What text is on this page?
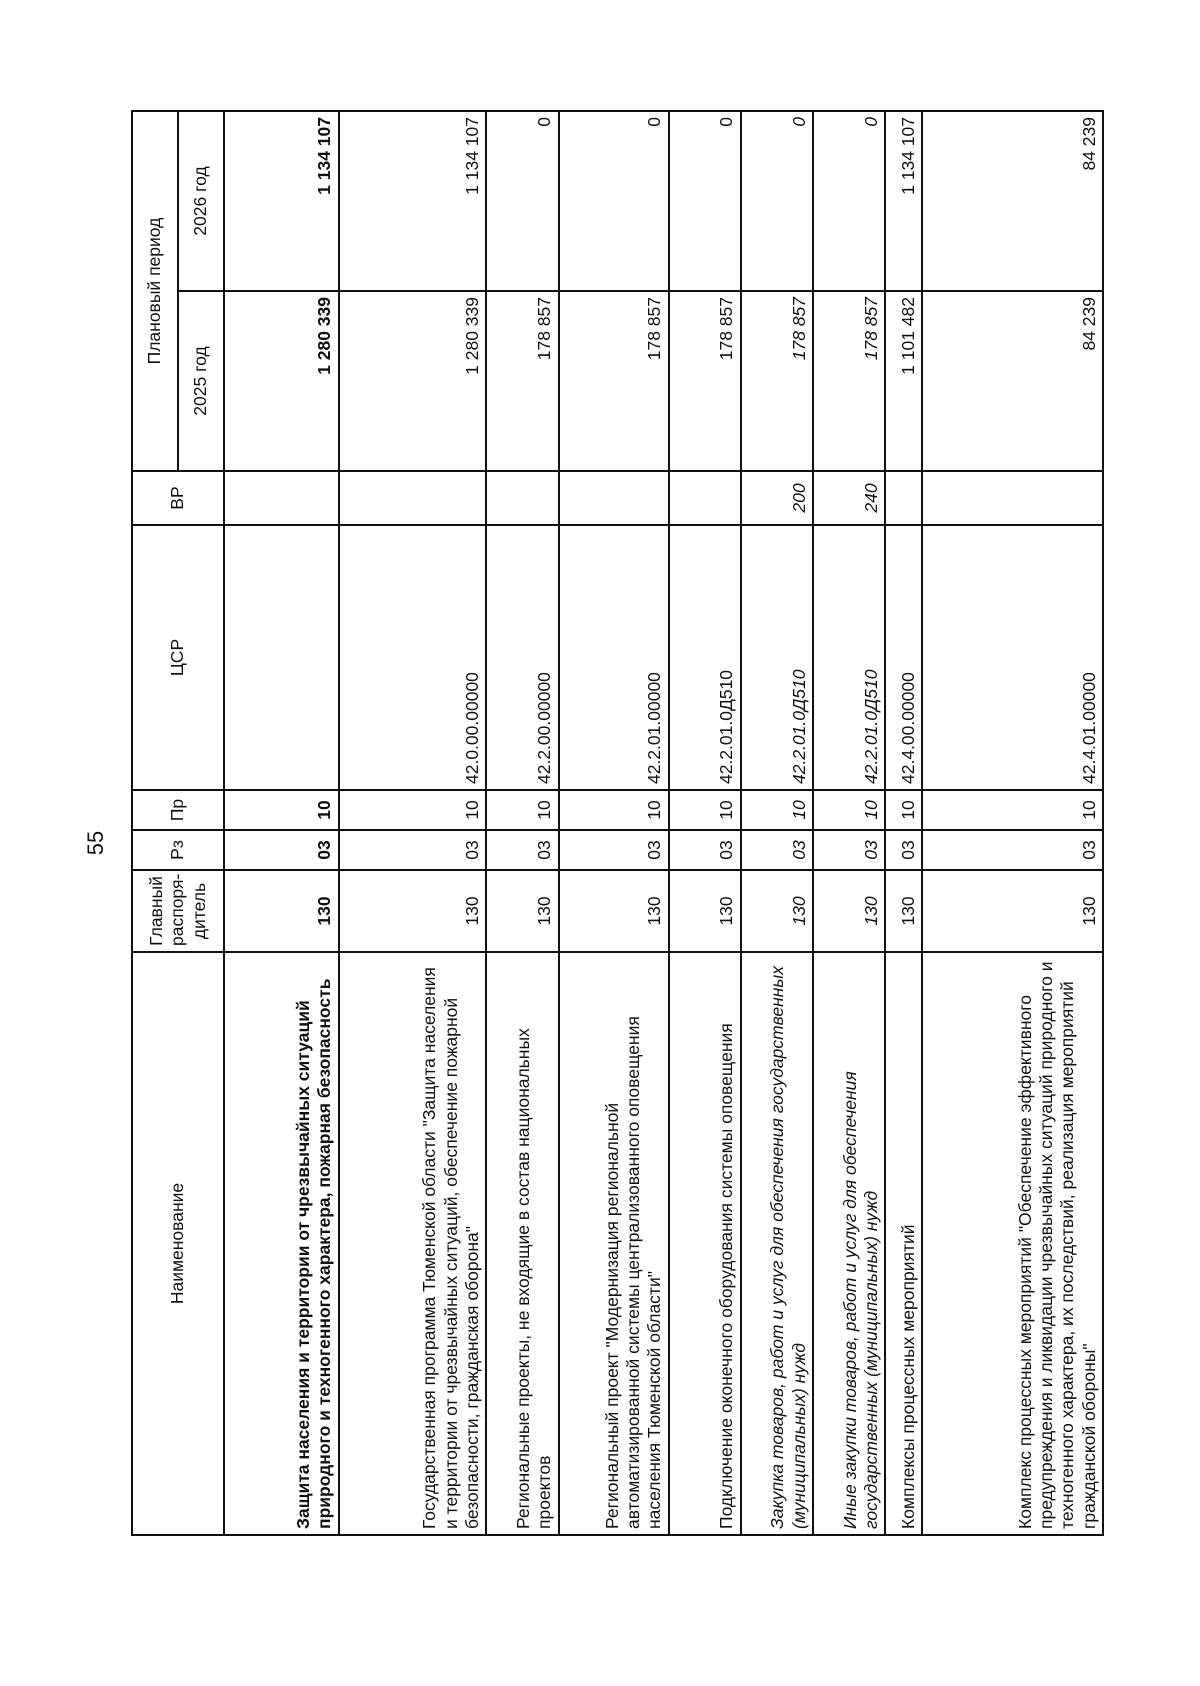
55
Наименование	Главный распоря-дитель	Рз	Пр	ЦСР	ВР	Плановый период	
						2025 год	2026 год
Защита населения и территории от чрезвычайных ситуаций природного и техногенного характера, пожарная безопасность	130	03	10			1 280 339	1 134 107
Государственная программа Тюменской области "Защита населения и территории от чрезвычайных ситуаций, обеспечение пожарной безопасности, гражданская оборона"	130	03	10	42.0.00.00000		1 280 339	1 134 107
Региональные проекты, не входящие в состав национальных проектов	130	03	10	42.2.00.00000		178 857	0
Региональный проект "Модернизация региональной автоматизированной системы централизованного оповещения населения Тюменской области"	130	03	10	42.2.01.00000		178 857	0
Подключение оконечного оборудования системы оповещения	130	03	10	42.2.01.0Д510		178 857	0
Закупка товаров, работ и услуг для обеспечения государственных (муниципальных) нужд	130	03	10	42.2.01.0Д510	200	178 857	0
Иные закупки товаров, работ и услуг для обеспечения государственных (муниципальных) нужд	130	03	10	42.2.01.0Д510	240	178 857	0
Комплексы процессных мероприятий	130	03	10	42.4.00.00000		1 101 482	1 134 107
Комплекс процессных мероприятий "Обеспечение эффективного предупреждения и ликвидации чрезвычайных ситуаций природного и техногенного характера, их последствий, реализация мероприятий гражданской обороны"	130	03	10	42.4.01.00000		84 239	84 239
